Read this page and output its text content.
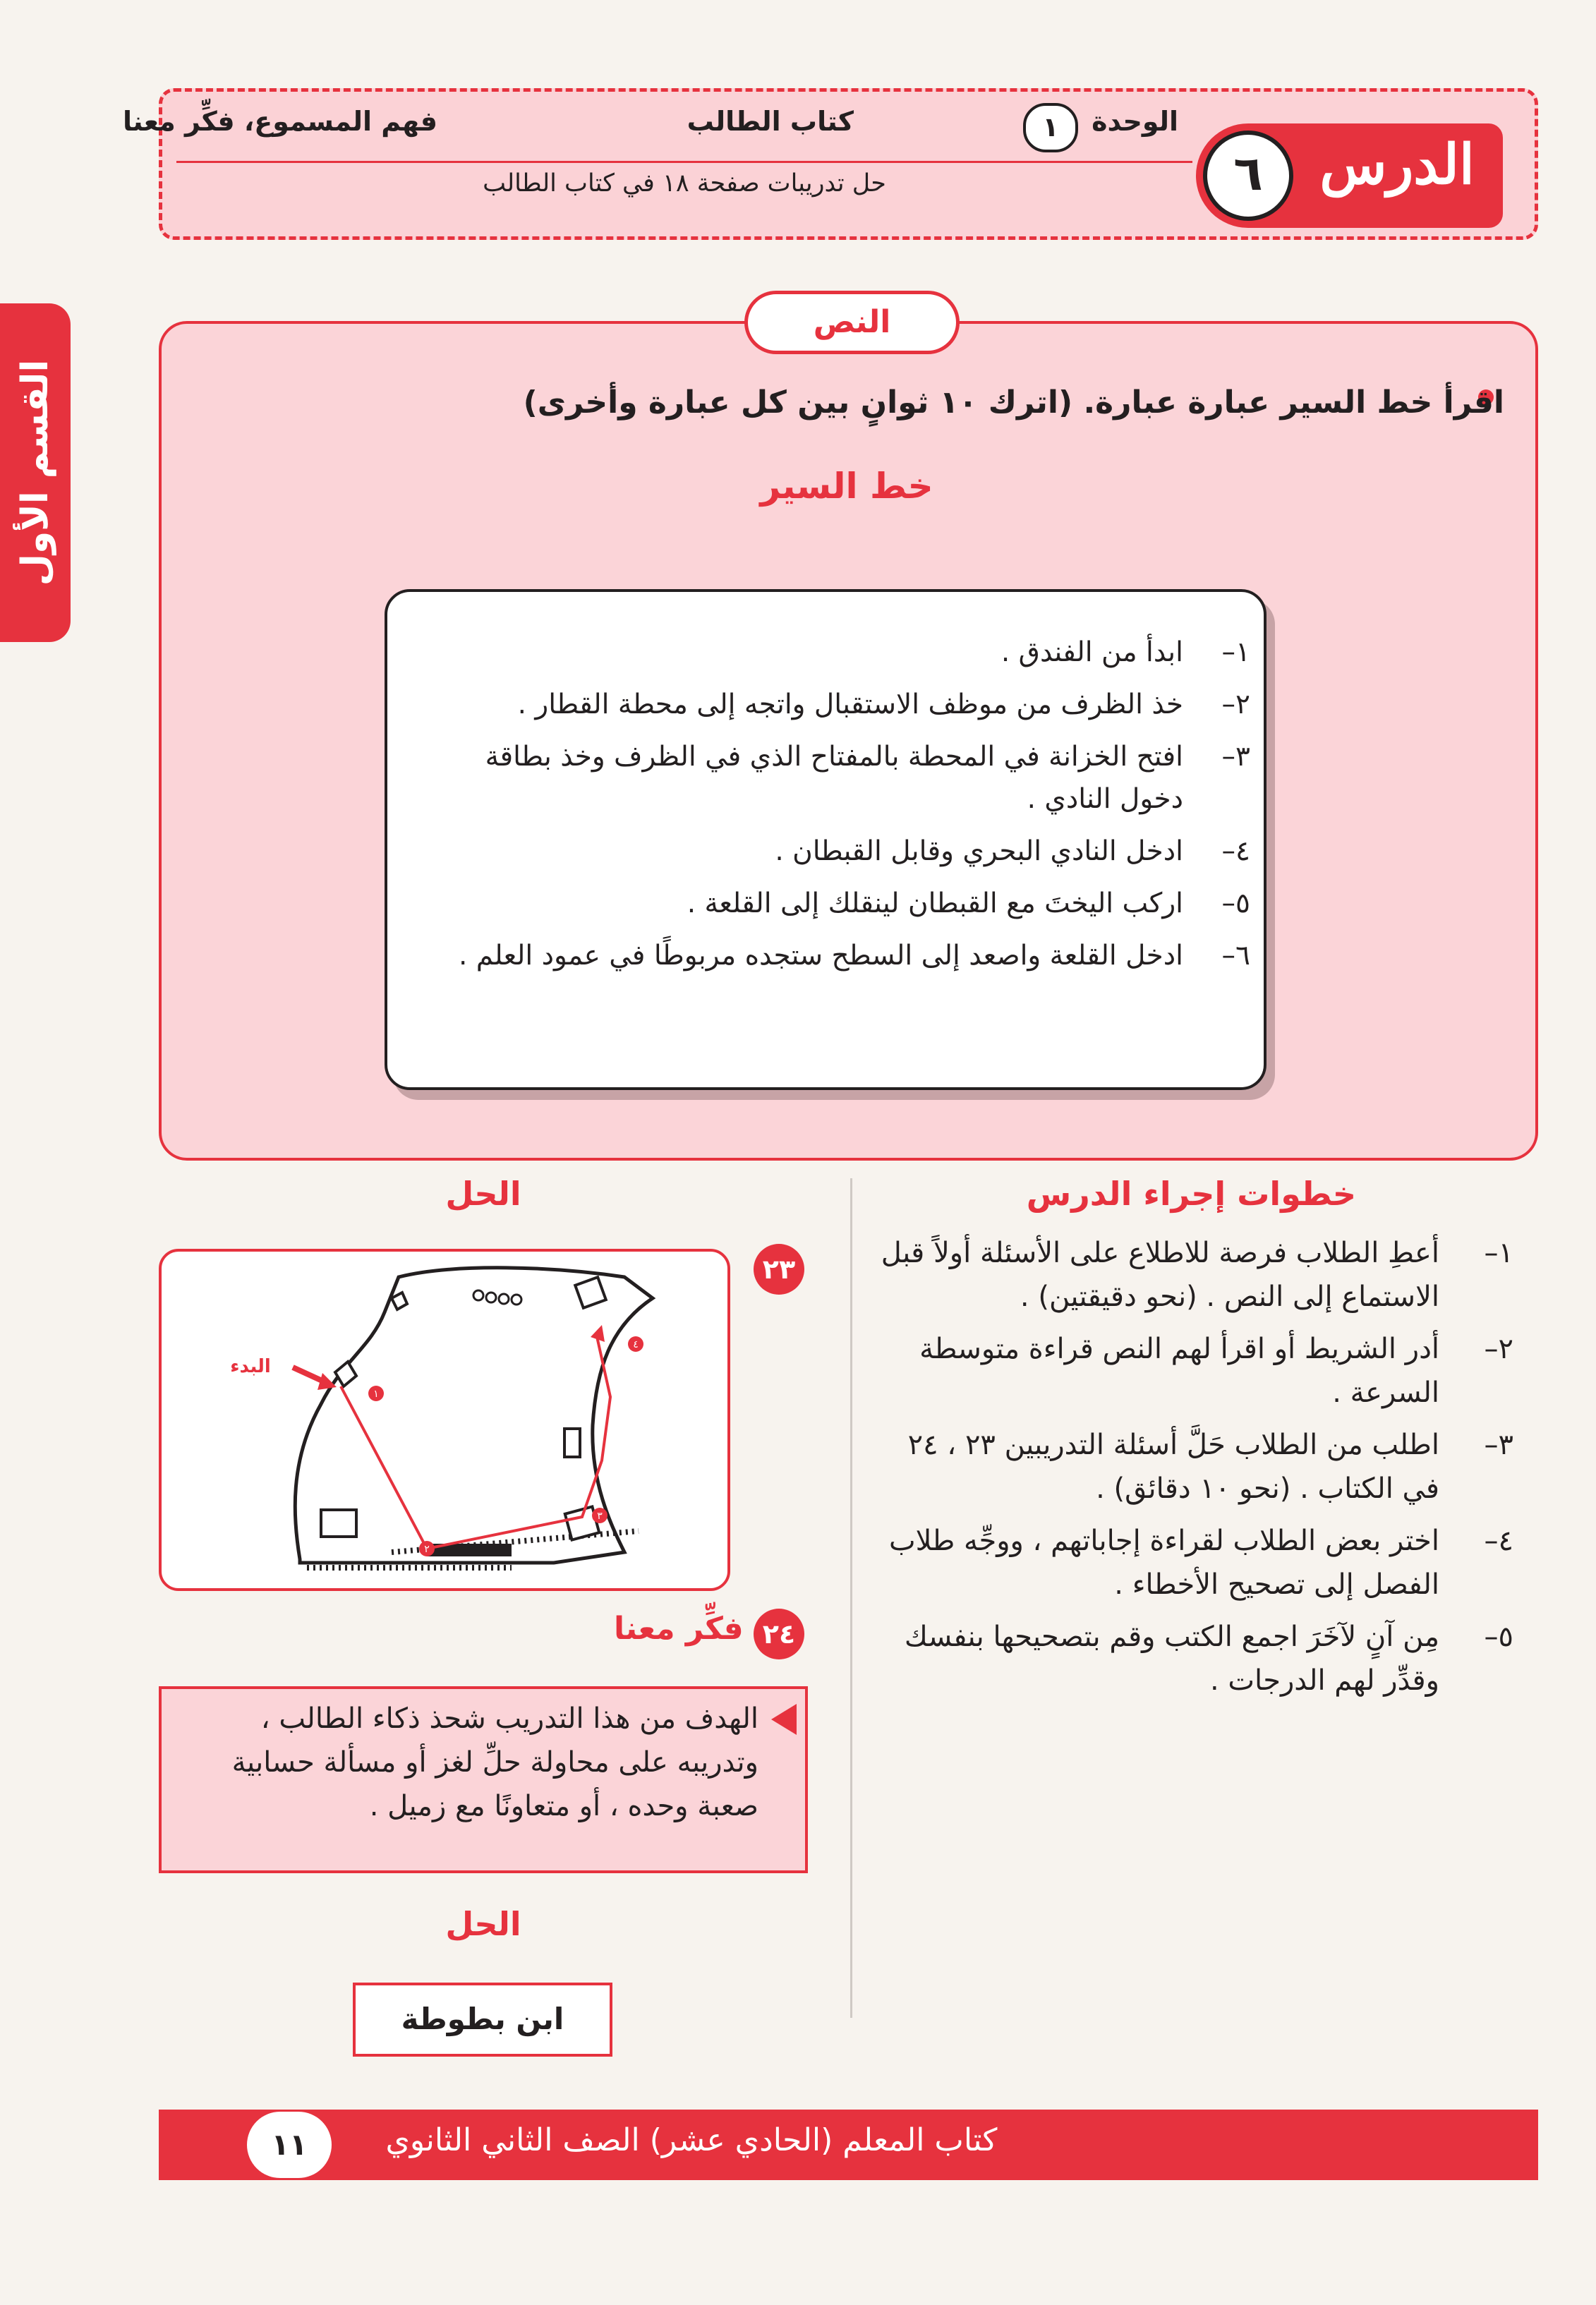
الوحدة
١
كتاب الطالب
فهم المسموع، فكِّر معنا
حل تدريبات صفحة ١٨ في كتاب الطالب	الدرس
٦
القسم الأول
النص
اقرأ خط السير عبارة عبارة. (اترك ١٠ ثوانٍ بين كل عبارة وأخرى)
خط السير
١–
ابدأ من الفندق .
٢–
خذ الظرف من موظف الاستقبال واتجه إلى محطة القطار .
٣–
افتح الخزانة في المحطة بالمفتاح الذي في الظرف وخذ بطاقة دخول النادي .
٤–
ادخل النادي البحري وقابل القبطان .
٥–
اركب اليختَ مع القبطان لينقلك إلى القلعة .
٦–
ادخل القلعة واصعد إلى السطح ستجده مربوطًا في عمود العلم .
خطوات إجراء الدرس
١–
أعطِ الطلاب فرصة للاطلاع على الأسئلة أولاً قبل الاستماع إلى النص . (نحو دقيقتين) .
٢–
أدر الشريط أو اقرأ لهم النص قراءة متوسطة السرعة .
٣–
اطلب من الطلاب حَلَّ أسئلة التدريبين ٢٣ ، ٢٤ في الكتاب . (نحو ١٠ دقائق) .
٤–
اختر بعض الطلاب لقراءة إجاباتهم ، ووجِّه طلاب الفصل إلى تصحيح الأخطاء .
٥–
مِن آنٍ لآخَرَ اجمع الكتب وقم بتصحيحها بنفسك وقدِّر لهم الدرجات .
الحل
١
٢
٣
٤
البدء
٢٣
٢٤
فكِّر معنا
الهدف من هذا التدريب شحذ ذكاء الطالب ، وتدريبه على محاولة حلِّ لغز أو مسألة حسابية صعبة وحده ، أو متعاونًا مع زميل .
الحل
ابن بطوطة
كتاب المعلم (الحادي عشر) الصف الثاني الثانوي
١١
